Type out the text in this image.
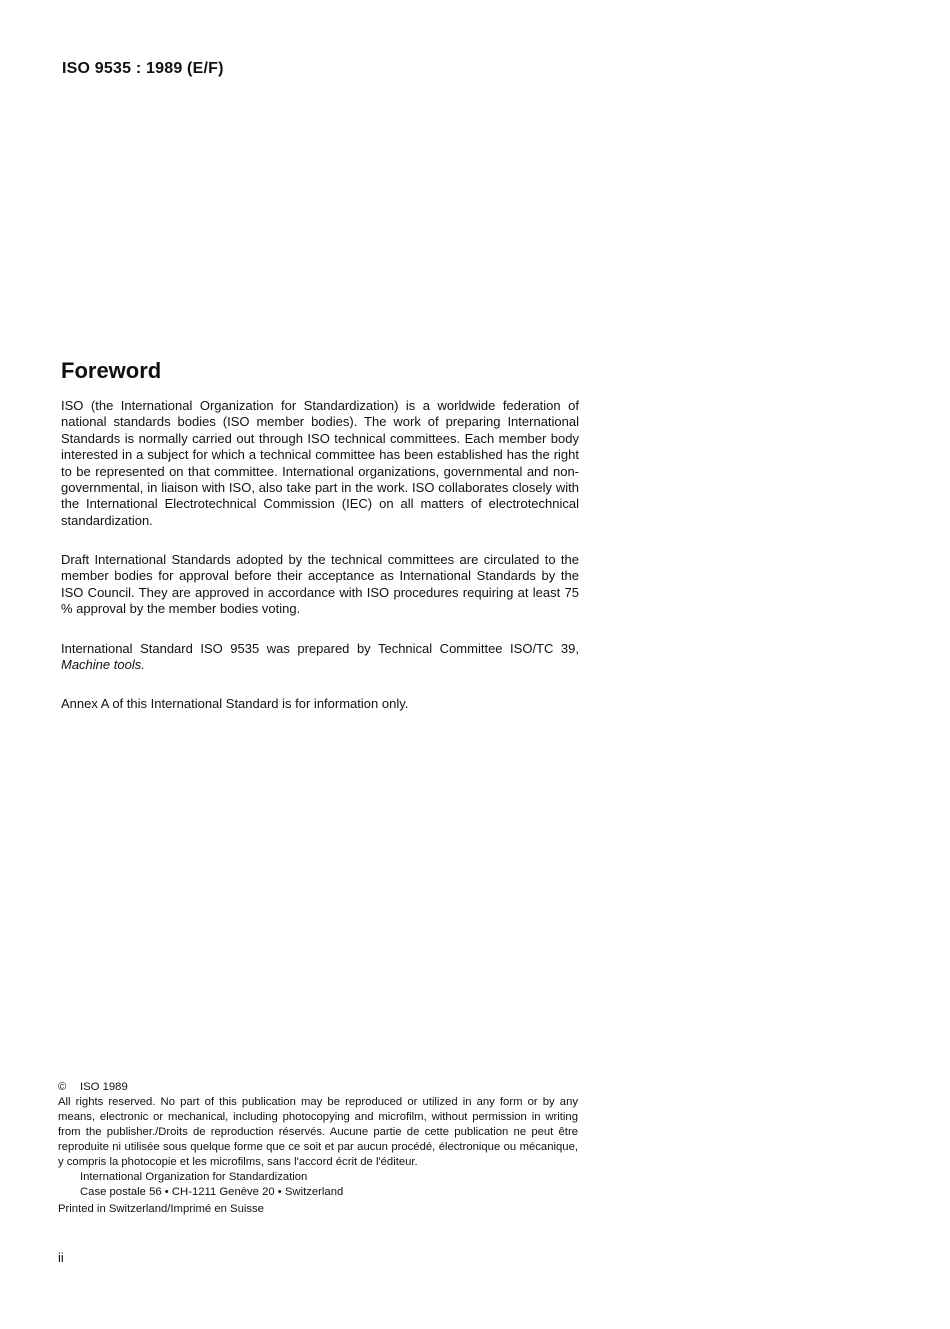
ISO 9535 : 1989 (E/F)
Foreword

ISO (the International Organization for Standardization) is a worldwide federation of national standards bodies (ISO member bodies). The work of preparing International Standards is normally carried out through ISO technical committees. Each member body interested in a subject for which a technical committee has been established has the right to be represented on that committee. International organizations, governmental and non-governmental, in liaison with ISO, also take part in the work. ISO collaborates closely with the International Electrotechnical Commission (IEC) on all matters of electrotechnical standardization.

Draft International Standards adopted by the technical committees are circulated to the member bodies for approval before their acceptance as International Standards by the ISO Council. They are approved in accordance with ISO procedures requiring at least 75 % approval by the member bodies voting.

International Standard ISO 9535 was prepared by Technical Committee ISO/TC 39, Machine tools.

Annex A of this International Standard is for information only.

© ISO 1989

All rights reserved. No part of this publication may be reproduced or utilized in any form or by any means, electronic or mechanical, including photocopying and microfilm, without permission in writing from the publisher./Droits de reproduction réservés. Aucune partie de cette publication ne peut être reproduite ni utilisée sous quelque forme que ce soit et par aucun procédé, électronique ou mécanique, y compris la photocopie et les microfilms, sans l'accord écrit de l'éditeur.

International Organization for Standardization

Case postale 56 • CH-1211 Genève 20 • Switzerland

Printed in Switzerland/Imprimé en Suisse

ii
